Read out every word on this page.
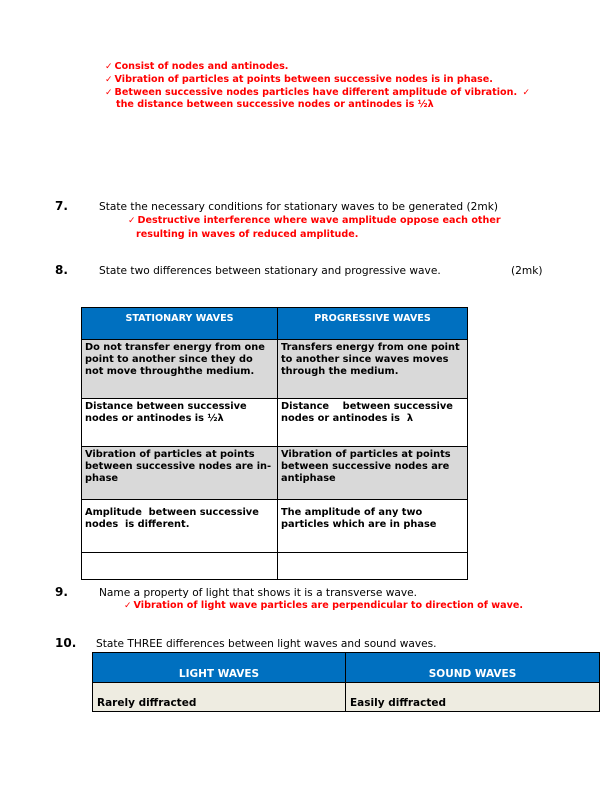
✓ Consist of nodes and antinodes.
✓ Vibration of particles at points between successive nodes is in phase.
✓ Between successive nodes particles have different amplitude of vibration. ✓
the distance between successive nodes or antinodes is ½λ
7.	State the necessary conditions for stationary waves to be generated (2mk)
✓ Destructive interference where wave amplitude oppose each other
resulting in waves of reduced amplitude.
8.	State two differences between stationary and progressive wave.	(2mk)
STATIONARY WAVES	PROGRESSIVE WAVES
Do not transfer energy from one point to another since they do not move throughthe medium.	Transfers energy from one point to another since waves moves through the medium.
Distance between successive nodes or antinodes is ½λ	Distance    between successive nodes or antinodes is  λ
Vibration of particles at points between successive nodes are in-phase	Vibration of particles at points between successive nodes are antiphase
Amplitude  between successive nodes  is different.	The amplitude of any two particles which are in phase

9.	Name a property of light that shows it is a transverse wave.
✓ Vibration of light wave particles are perpendicular to direction of wave.
10. State THREE differences between light waves and sound waves.
LIGHT WAVES	SOUND WAVES
Rarely diffracted	Easily diffracted
